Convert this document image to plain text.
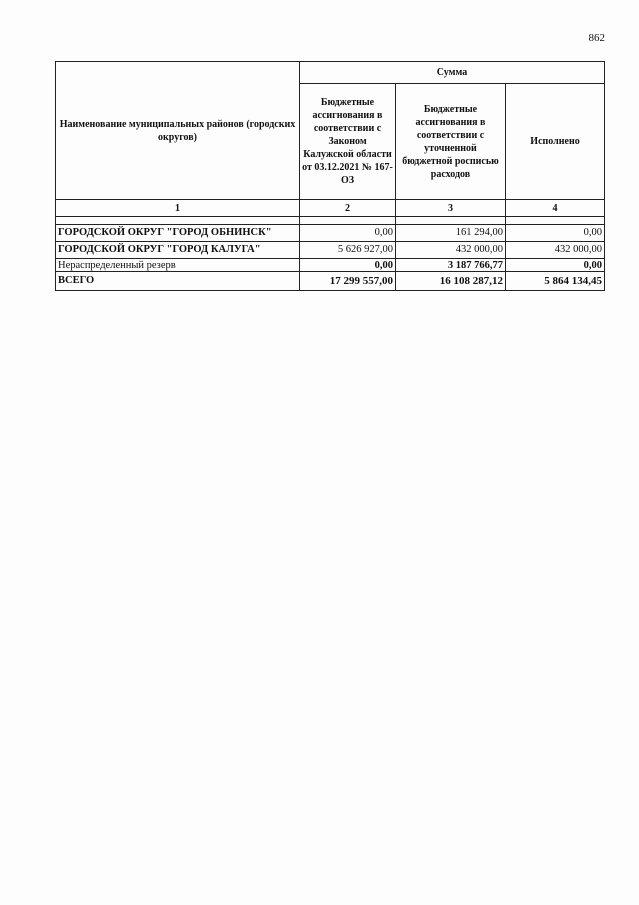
862
Наименование муниципальных районов (городских округов)	Сумма		
	Бюджетные ассигнования в соответствии с Законом Калужской области от 03.12.2021 № 167-ОЗ	Бюджетные ассигнования в соответствии с уточненной бюджетной росписью расходов	Исполнено
1	2	3	4

ГОРОДСКОЙ ОКРУГ "ГОРОД ОБНИНСК"	0,00	161 294,00	0,00
ГОРОДСКОЙ ОКРУГ "ГОРОД КАЛУГА"	5 626 927,00	432 000,00	432 000,00
Нераспределенный резерв	0,00	3 187 766,77	0,00
ВСЕГО	17 299 557,00	16 108 287,12	5 864 134,45
